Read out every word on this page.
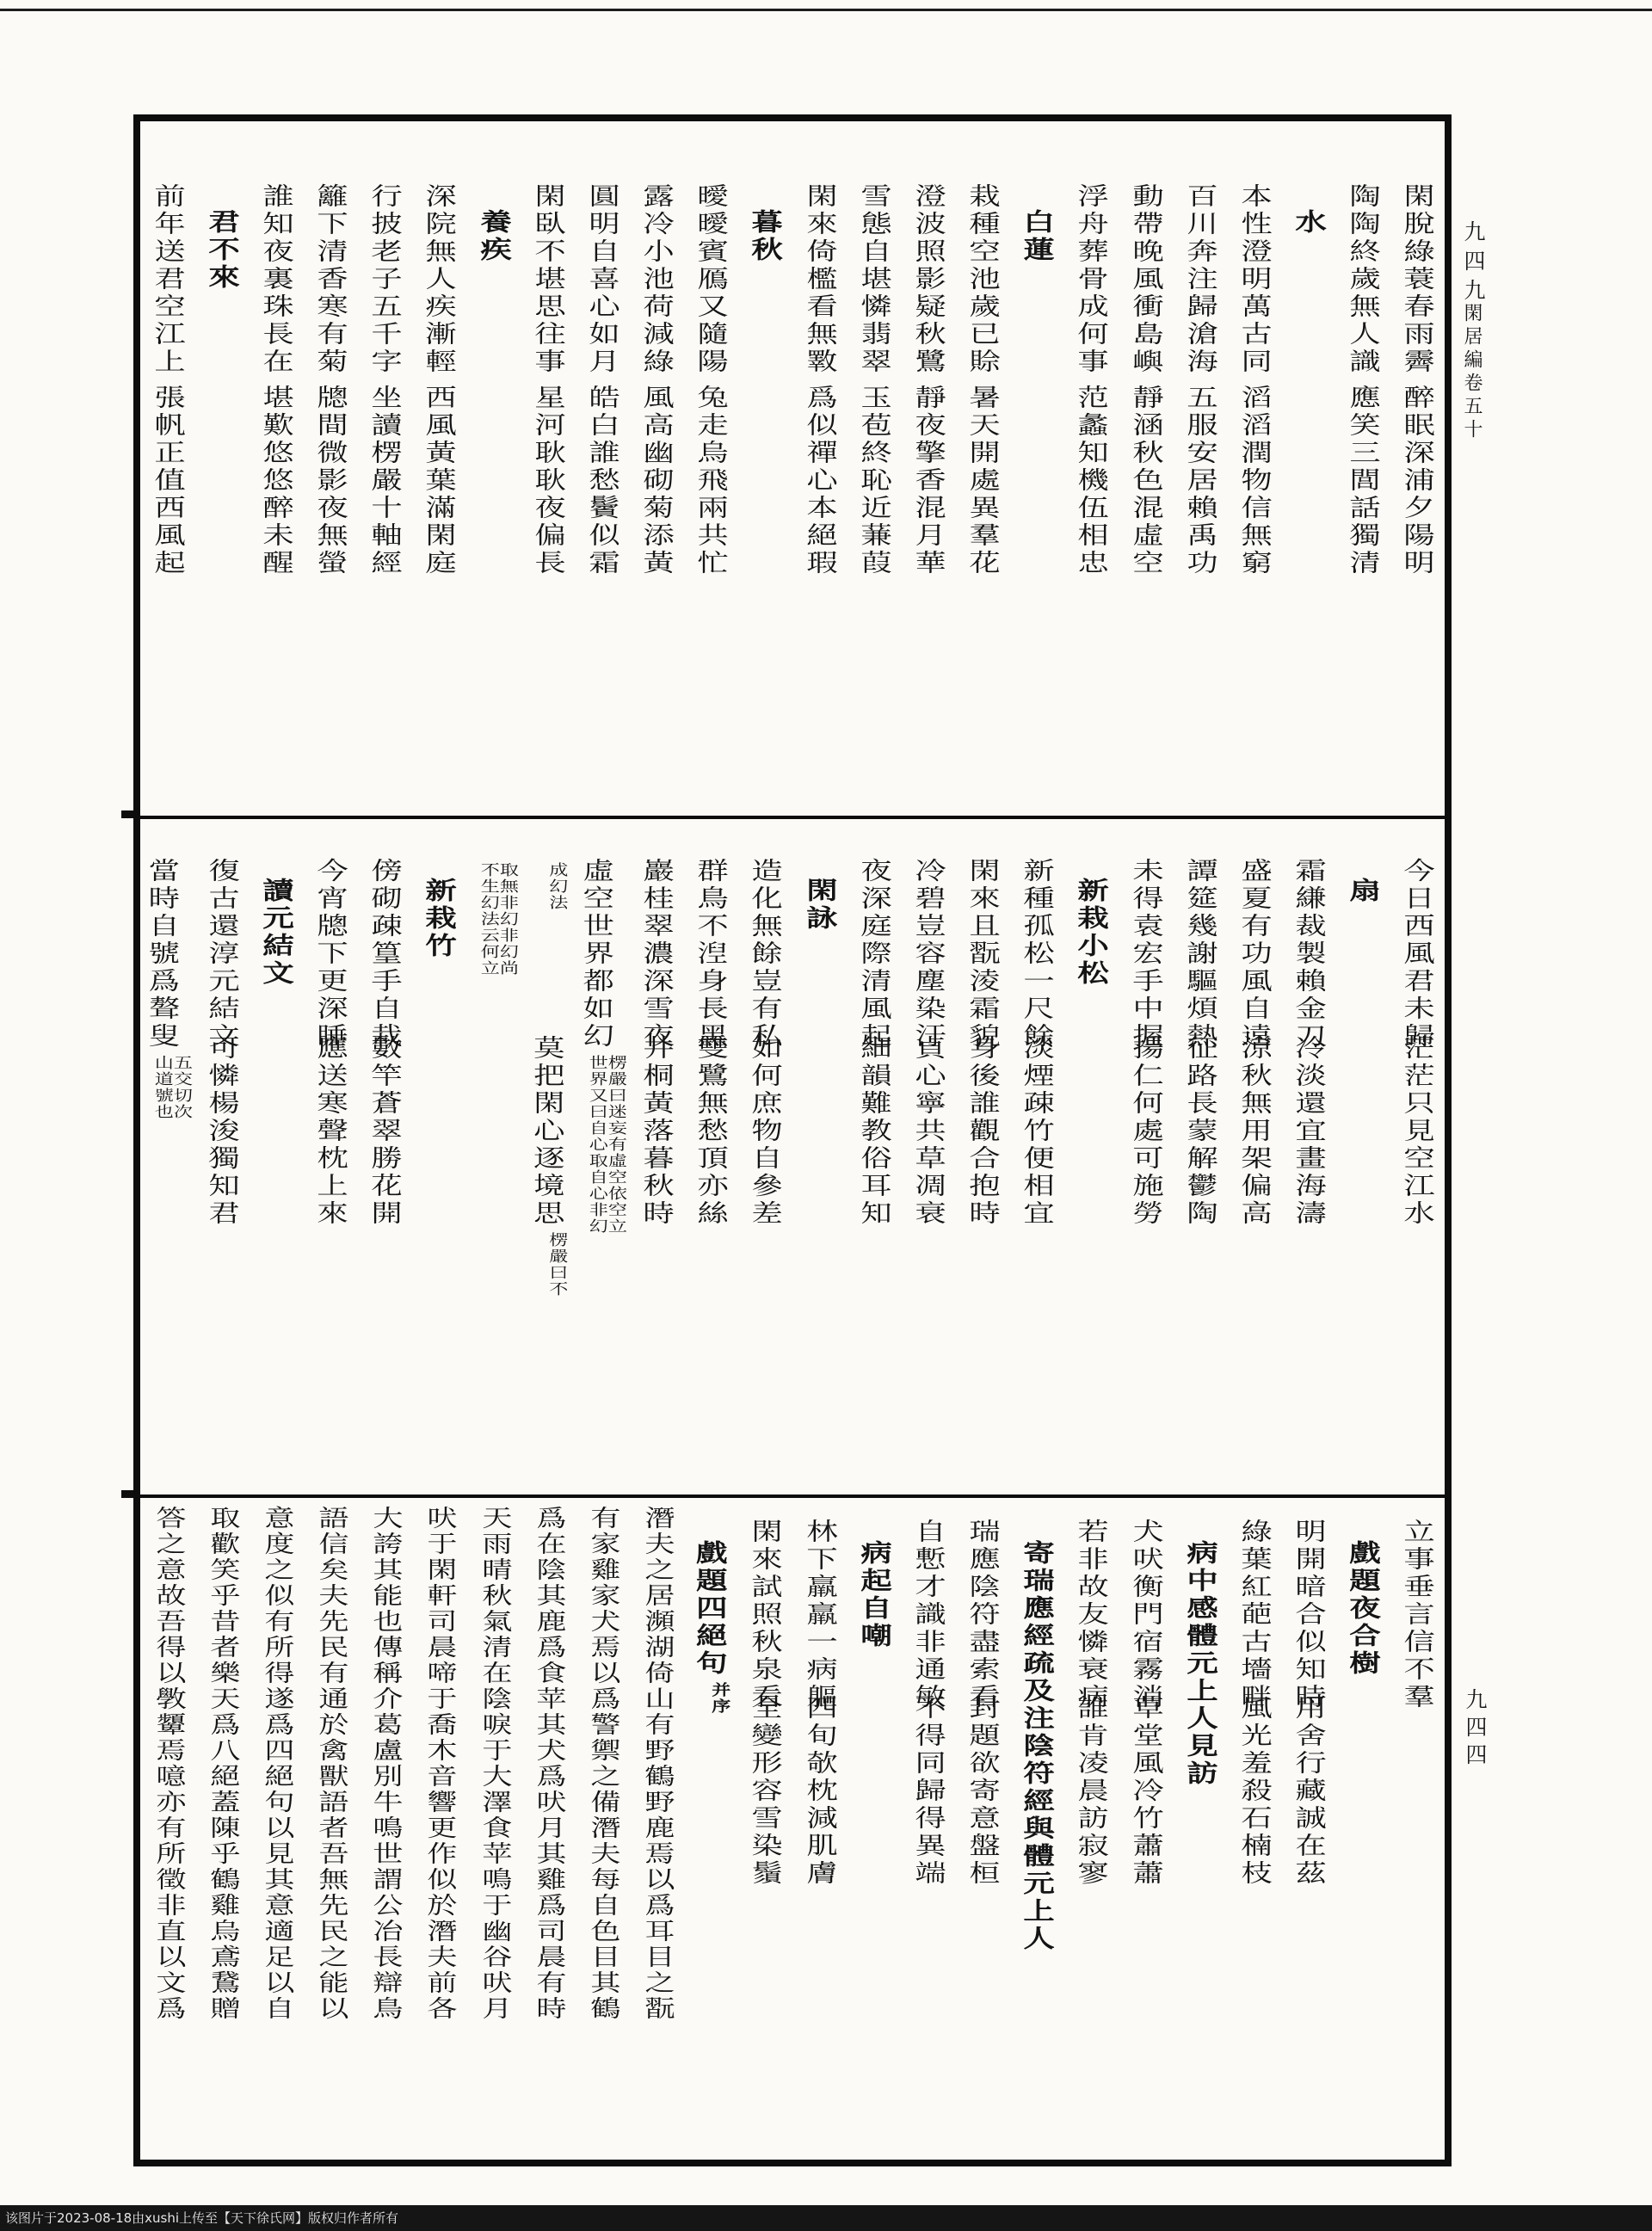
閑脫綠蓑春雨霽
醉眠深浦夕陽明
陶陶終歲無人識
應笑三閭話獨清
水
本性澄明萬古同
滔滔潤物信無窮
百川奔注歸滄海
五服安居賴禹功
動帶晚風衝島嶼
靜涵秋色混虛空
浮舟葬骨成何事
范蠡知機伍相忠
白蓮
栽種空池歲已賒
暑天開處異羣花
澄波照影疑秋鷺
靜夜擎香混月華
雪態自堪憐翡翠
玉苞終恥近蒹葭
閑來倚檻看無斁
爲似禪心本絕瑕
暮秋
曖曖賓鴈又隨陽
兔走烏飛兩共忙
露冷小池荷減綠
風高幽砌菊添黃
圓明自喜心如月
皓白誰愁鬢似霜
閑臥不堪思往事
星河耿耿夜偏長
養疾
深院無人疾漸輕
西風黃葉滿閑庭
行披老子五千字
坐讀楞嚴十軸經
籬下清香寒有菊
牕間微影夜無螢
誰知夜裏珠長在
堪歎悠悠醉未醒
君不來
前年送君空江上
張帆正值西風起
今日西風君未歸
茫茫只見空江水
扇
霜縑裁製賴金刀
冷淡還宜畫海濤
盛夏有功風自遠
涼秋無用架偏高
譚筵幾謝驅煩熱
征路長蒙解鬱陶
未得袁宏手中握
揚仁何處可施勞
新栽小松
新種孤松一尺餘
淡煙疎竹便相宜
閑來且翫淩霜貌
身後誰觀合抱時
冷碧豈容塵染汙
貞心寧共草凋衰
夜深庭際清風起
細韻難教俗耳知
閑詠
造化無餘豈有私
如何庶物自參差
群鳥不湼身長黑
雙鷺無愁頂亦絲
巖桂翠濃深雪夜
井桐黃落暮秋時
虛空世界都如幻楞嚴曰迷妄有虛空依空立世界又曰自心取自心非幻
成幻法
莫把閑心逐境思楞嚴曰不
取無非幻非幻尚不生幻法云何立
新栽竹
傍砌疎篁手自栽
數竿蒼翠勝花開
今宵牕下更深睡
應送寒聲枕上來
讀元結文
復古還淳元結文
可憐楊浚獨知君
當時自號爲聱叟五交切次山道號也
立事垂言信不羣
戲題夜合樹
明開暗合似知時
用舍行藏誠在茲
綠葉紅葩古墻畔
風光羞殺石楠枝
病中感體元上人見訪
犬吠衡門宿霧消
草堂風冷竹蕭蕭
若非故友憐衰病
誰肯凌晨訪寂寥
寄瑞應經疏及注陰符經與體元上人
瑞應陰符盡索看
封題欲寄意盤桓
自慙才識非通敏
不得同歸得異端
病起自嘲
林下羸羸一病軀
四旬欹枕減肌膚
閑來試照秋泉看
全變形容雪染鬚
戲題四絕句并序
潛夫之居瀕湖倚山有野鶴野鹿焉以爲耳目之翫
有家雞家犬焉以爲警禦之備潛夫每自色目其鶴
爲在陰其鹿爲食苹其犬爲吠月其雞爲司晨有時
天雨晴秋氣清在陰唳于大澤食苹鳴于幽谷吠月
吠于閑軒司晨啼于喬木音響更作似於潛夫前各
大誇其能也傳稱介葛盧別牛鳴世謂公冶長辯鳥
語信矣夫先民有通於禽獸語者吾無先民之能以
意度之似有所得遂爲四絕句以見其意適足以自
取歡笑乎昔者樂天爲八絕蓋陳乎鶴雞烏鳶鵞贈
答之意故吾得以斆顰焉噫亦有所徵非直以文爲
九四九
閑居編卷五十
九四四
该图片于2023-08-18由xushi上传至【天下徐氏网】版权归作者所有
